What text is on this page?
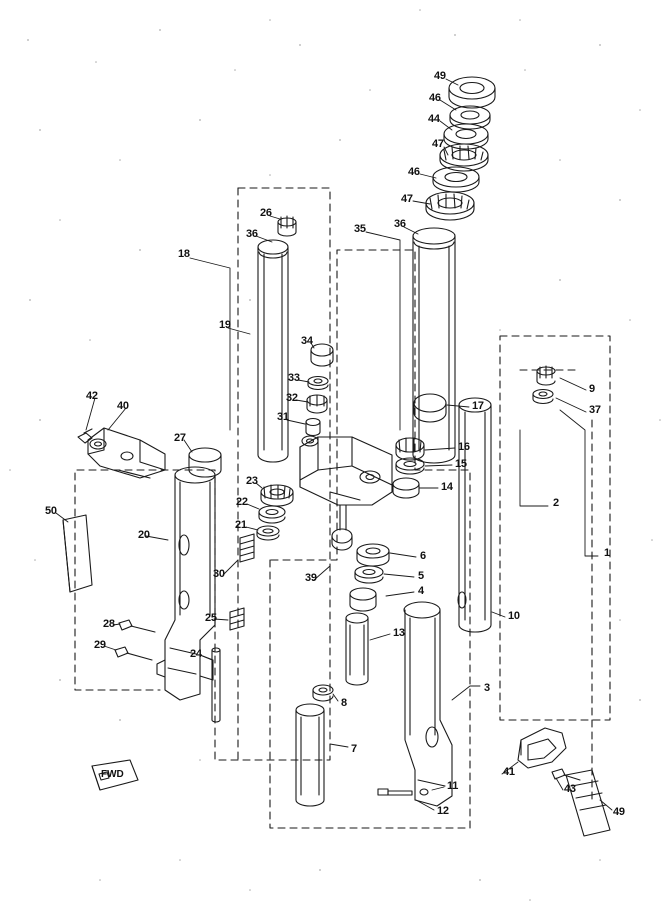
1
2
3
4
5
6
7
8
9
10
11
12
13
14
15
16
17
18
19
20
21
22
23
24
25
26
27
28
29
30
31
32
33
34
35
36
36
37
39
40
41
42
43
44
47
46
46
47
49
50
49
FWD
